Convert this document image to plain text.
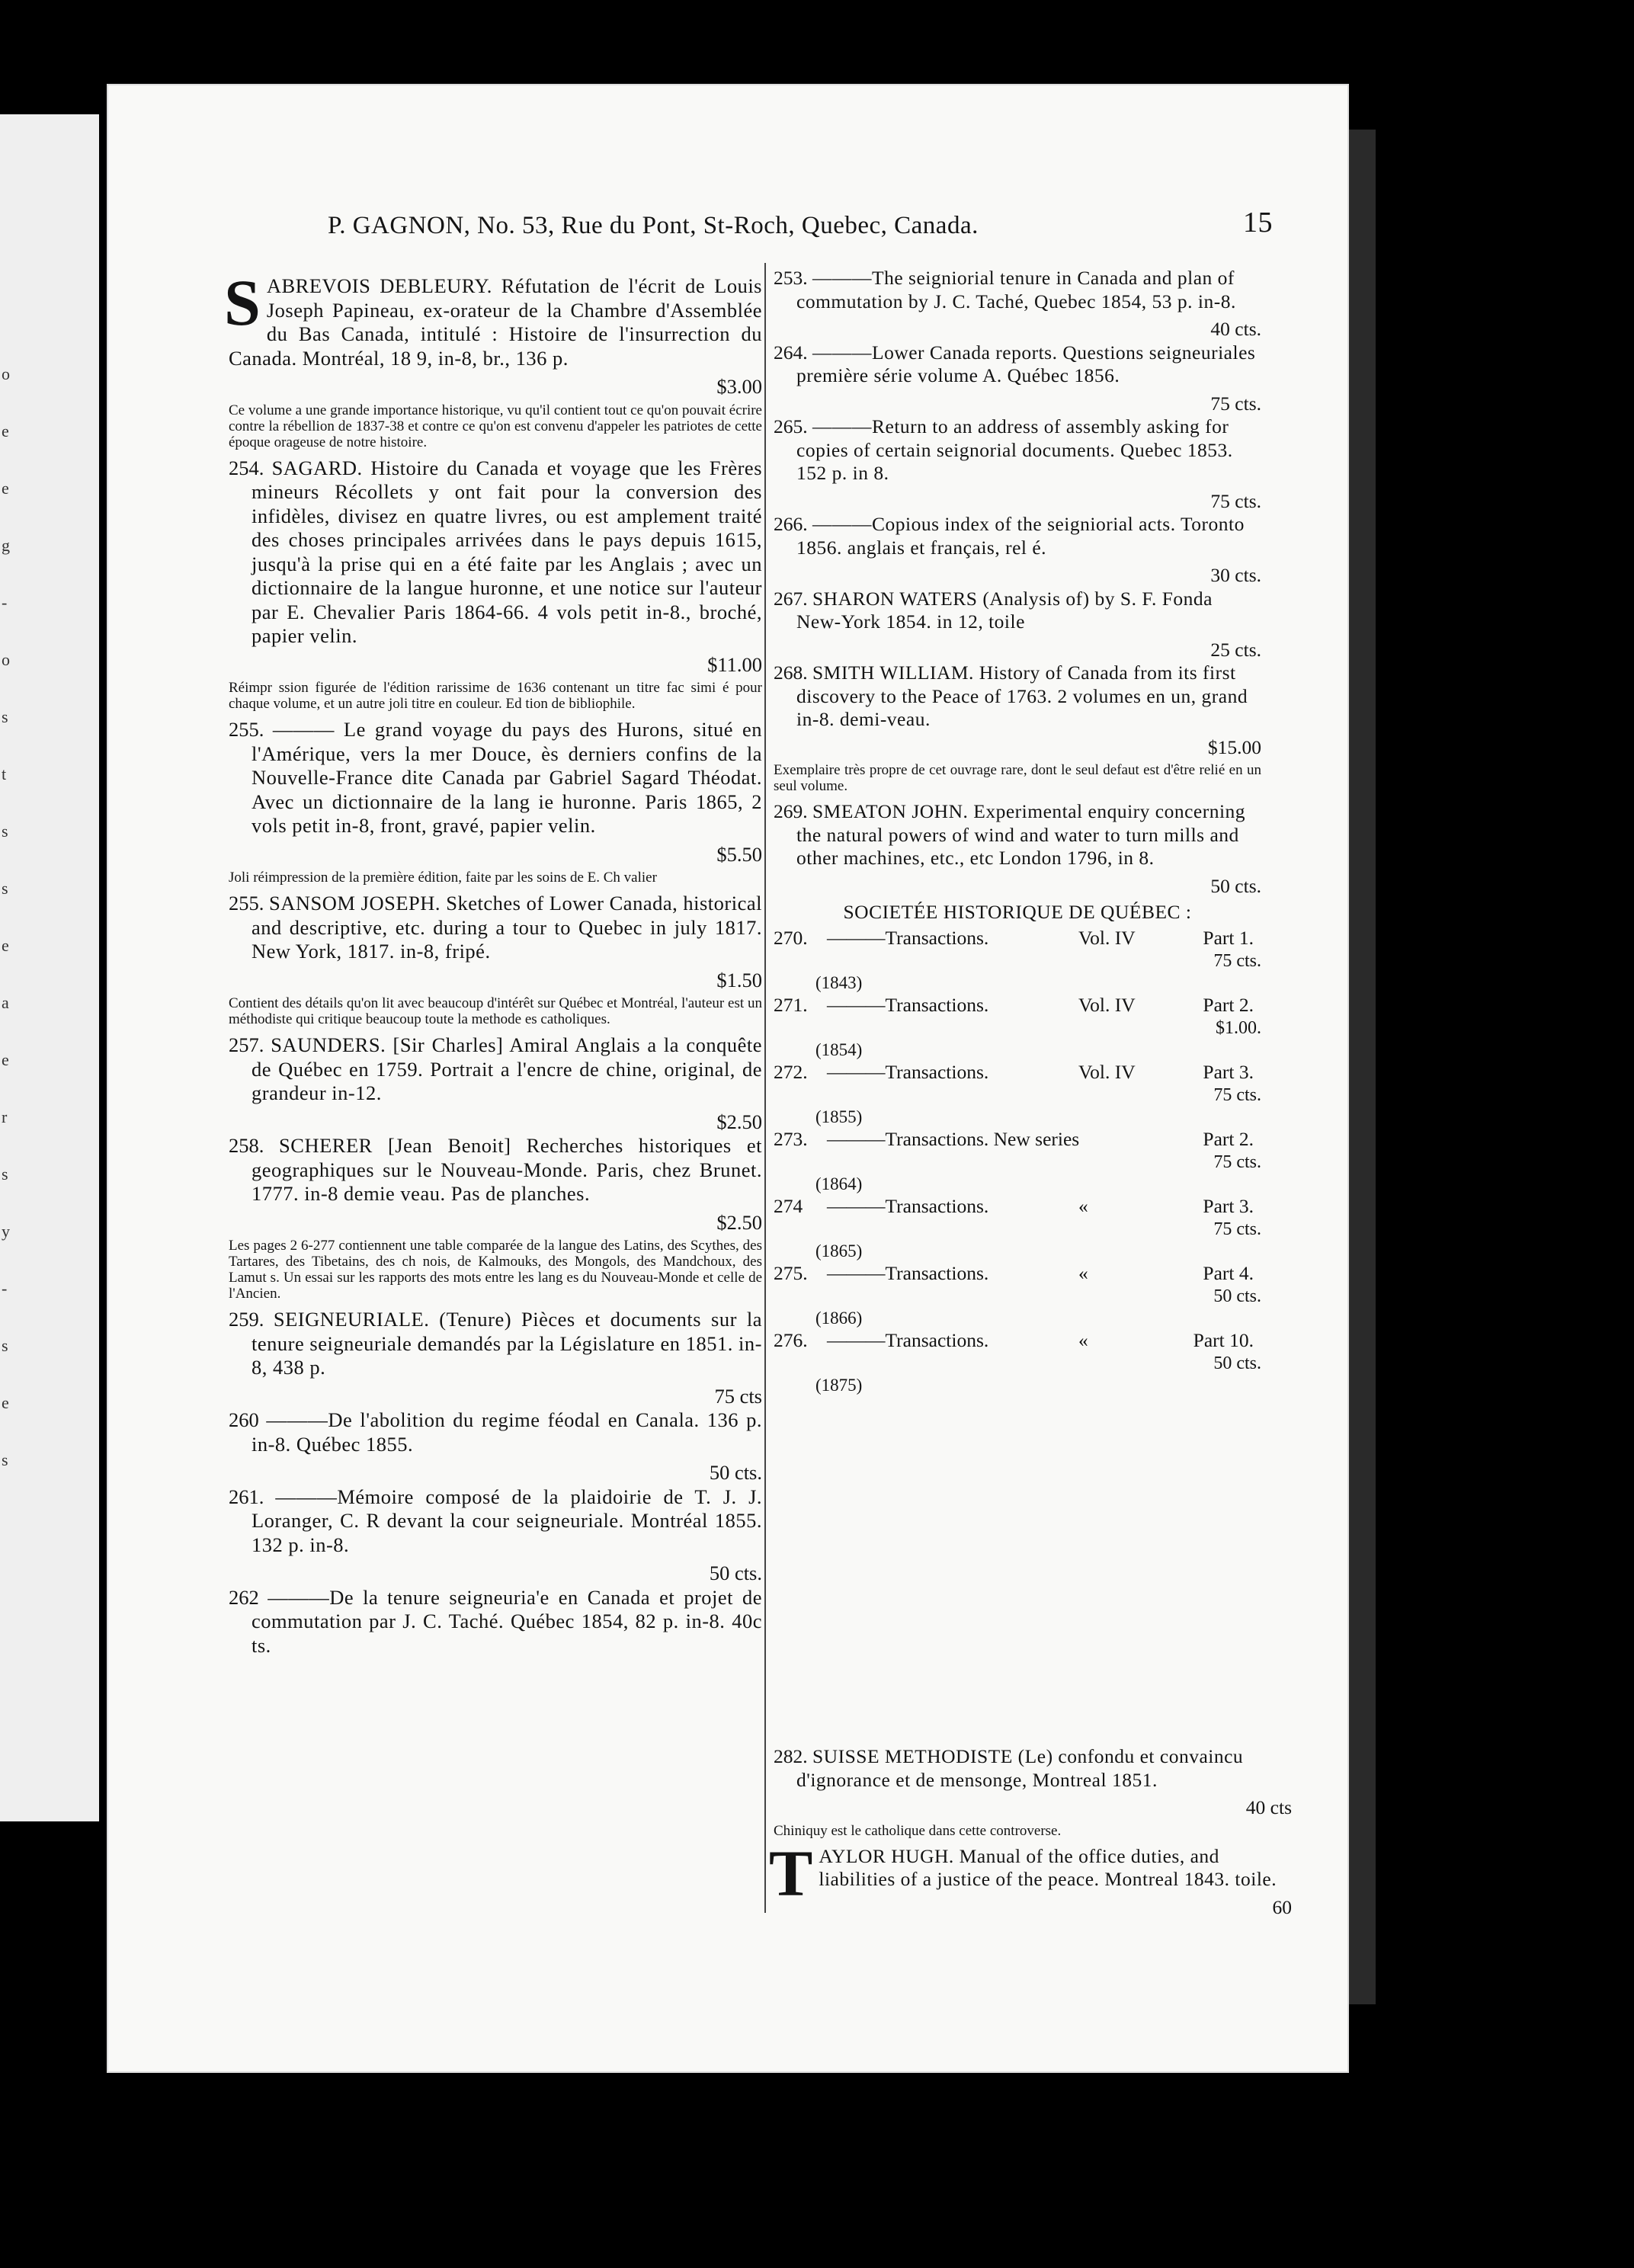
o
e
e
g
-
o
s
t
s
s
e
a
e
r
s
y
-
s
e
s
P. GAGNON, No. 53, Rue du Pont, St-Roch, Quebec, Canada.	15
SABREVOIS DEBLEURY. Réfutation de l'écrit de Louis Joseph Papineau, ex-orateur de la Chambre d'Assemblée du Bas Canada, intitulé : Histoire de l'insurrection du Canada. Montréal, 18 9, in-8, br., 136 p.
$3.00
Ce volume a une grande importance historique, vu qu'il contient tout ce qu'on pouvait écrire contre la rébellion de 1837-38 et contre ce qu'on est convenu d'appeler les patriotes de cette époque orageuse de notre histoire.
254. SAGARD. Histoire du Canada et voyage que les Frères mineurs Récollets y ont fait pour la conversion des infidèles, divisez en quatre livres, ou est amplement traité des choses principales arrivées dans le pays depuis 1615, jusqu'à la prise qui en a été faite par les Anglais ; avec un dictionnaire de la langue huronne, et une notice sur l'auteur par E. Chevalier Paris 1864-66. 4 vols petit in-8., broché, papier velin.
$11.00
Réimpr ssion figurée de l'édition rarissime de 1636 contenant un titre fac simi é pour chaque volume, et un autre joli titre en couleur. Ed tion de bibliophile.
255. ——— Le grand voyage du pays des Hurons, situé en l'Amérique, vers la mer Douce, ès derniers confins de la Nouvelle-France dite Canada par Gabriel Sagard Théodat. Avec un dictionnaire de la lang ie huronne. Paris 1865, 2 vols petit in-8, front, gravé, papier velin.
$5.50
Joli réimpression de la première édition, faite par les soins de E. Ch valier
255. SANSOM JOSEPH. Sketches of Lower Canada, historical and descriptive, etc. during a tour to Quebec in july 1817. New York, 1817. in-8, fripé.
$1.50
Contient des détails qu'on lit avec beaucoup d'intérêt sur Québec et Montréal, l'auteur est un méthodiste qui critique beaucoup toute la methode es catholiques.
257. SAUNDERS. [Sir Charles] Amiral Anglais a la conquête de Québec en 1759. Portrait a l'encre de chine, original, de grandeur in-12.
$2.50
258. SCHERER [Jean Benoit] Recherches historiques et geographiques sur le Nouveau-Monde. Paris, chez Brunet. 1777. in-8 demie veau. Pas de planches.
$2.50
Les pages 2 6-277 contiennent une table comparée de la langue des Latins, des Scythes, des Tartares, des Tibetains, des ch nois, de Kalmouks, des Mongols, des Mandchoux, des Lamut s. Un essai sur les rapports des mots entre les lang es du Nouveau-Monde et celle de l'Ancien.
259. SEIGNEURIALE. (Tenure) Pièces et documents sur la tenure seigneuriale demandés par la Législature en 1851. in-8, 438 p.
75 cts
260 ———De l'abolition du regime féodal en Canala. 136 p. in-8. Québec 1855.
50 cts.
261. ———Mémoire composé de la plaidoirie de T. J. J. Loranger, C. R devant la cour seigneuriale. Montréal 1855. 132 p. in-8.
50 cts.
262 ———De la tenure seigneuria'e en Canada et projet de commutation par J. C. Taché. Québec 1854, 82 p. in-8. 40c ts.
253. ———The seigniorial tenure in Canada and plan of commutation by J. C. Taché, Quebec 1854, 53 p. in-8.
40 cts.
264. ———Lower Canada reports. Questions seigneuriales première série volume A. Québec 1856.
75 cts.
265. ———Return to an address of assembly asking for copies of certain seignorial documents. Quebec 1853. 152 p. in 8.
75 cts.
266. ———Copious index of the seigniorial acts. Toronto 1856. anglais et français, rel é.
30 cts.
267. SHARON WATERS (Analysis of) by S. F. Fonda New-York 1854. in 12, toile
25 cts.
268. SMITH WILLIAM. History of Canada from its first discovery to the Peace of 1763. 2 volumes en un, grand in-8. demi-veau.
$15.00
Exemplaire très propre de cet ouvrage rare, dont le seul defaut est d'être relié en un seul volume.
269. SMEATON JOHN. Experimental enquiry concerning the natural powers of wind and water to turn mills and other machines, etc., etc London 1796, in 8.
50 cts.
SOCIETÉE HISTORIQUE DE QUÉBEC :
270. ———Transactions.	Vol. IV	Part 1.
75 cts.
(1843)
271. ———Transactions.	Vol. IV	Part 2.
$1.00.
(1854)
272. ———Transactions.	Vol. IV	Part 3.
75 cts.
(1855)
273. ———Transactions. New series	Part 2.
75 cts.
(1864)
274	———Transactions.	«	Part 3.
75 cts.
(1865)
275. ———Transactions.	«	Part 4.
50 cts.
(1866)
276. ———Transactions.	«	Part 10.
50 cts.
(1875)
282. SUISSE METHODISTE (Le) confondu et convaincu d'ignorance et de mensonge, Montreal 1851.
40 cts
Chiniquy est le catholique dans cette controverse.
TAYLOR HUGH. Manual of the office duties, and liabilities of a justice of the peace. Montreal 1843. toile.
60
